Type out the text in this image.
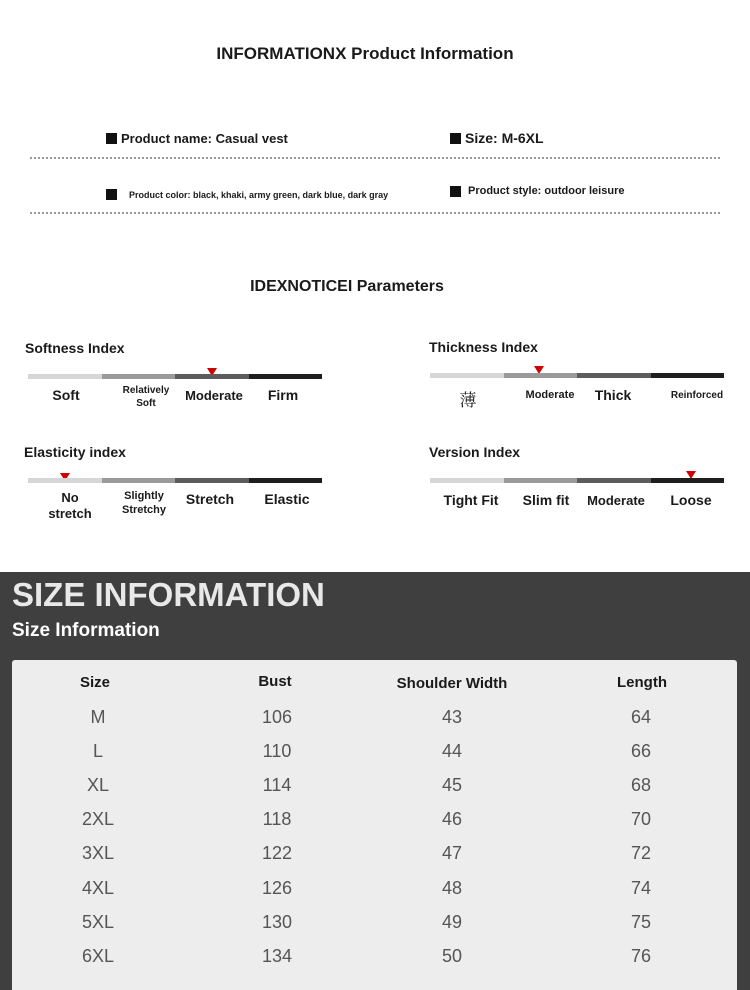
INFORMATIONX Product Information
Product name: Casual vest	Size: M-6XL
Product color: black, khaki, army green, dark blue, dark gray	Product style: outdoor leisure
IDEXNOTICEI Parameters
Softness Index
Soft	Relatively Soft
Moderate	Firm
Thickness Index
薄	Moderate	Thick	Reinforced
Elasticity index
No stretch
Slightly Stretchy
Stretch	Elastic
Version Index
Tight Fit	Slim fit	Moderate	Loose
SIZE INFORMATION
Size Information
Size	Bust	Shoulder Width	Length
M	106	43	64
L	110	44	66
XL	114	45	68
2XL	118	46	70
3XL	122	47	72
4XL	126	48	74
5XL	130	49	75
6XL	134	50	76
